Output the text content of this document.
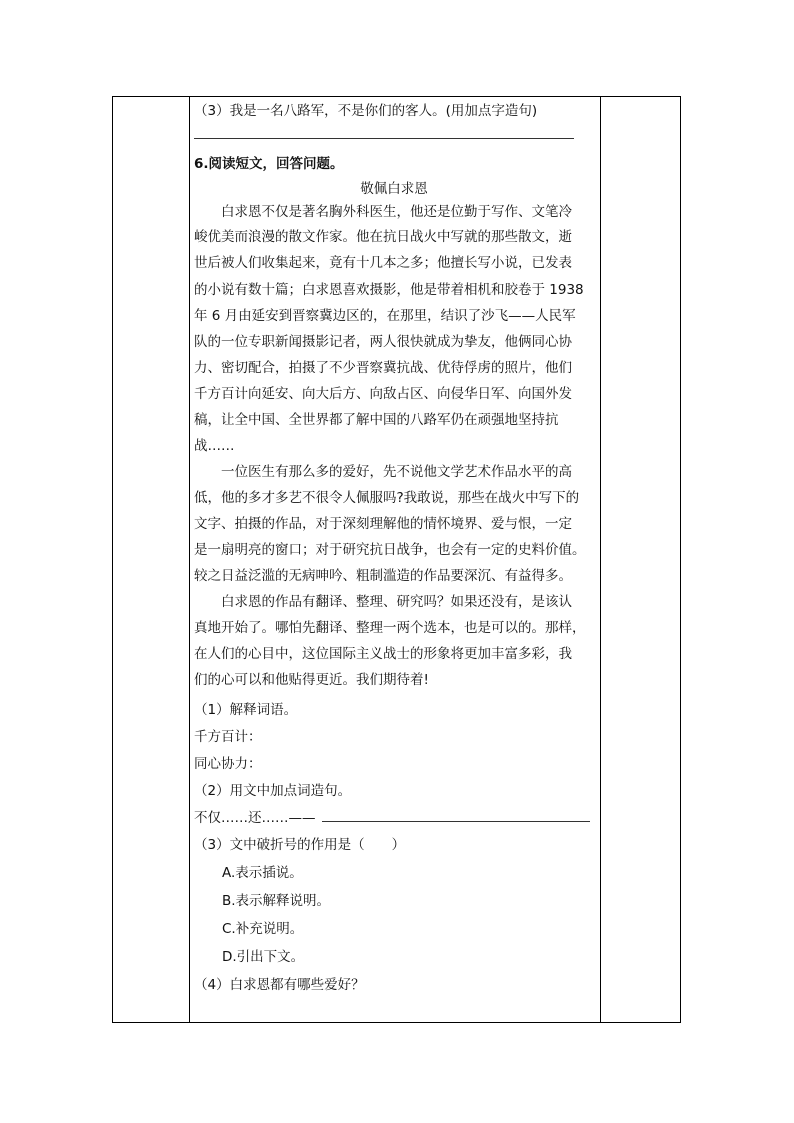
（3）我是一名八路军，不是你们的客人。(用加点字造句)
6.阅读短文，回答问题。
敬佩白求恩
白求恩不仅是著名胸外科医生，他还是位勤于写作、文笔冷
峻优美而浪漫的散文作家。他在抗日战火中写就的那些散文，逝
世后被人们收集起来，竟有十几本之多；他擅长写小说，已发表
的小说有数十篇；白求恩喜欢摄影，他是带着相机和胶卷于 1938
年 6 月由延安到晋察冀边区的，在那里，结识了沙飞——人民军
队的一位专职新闻摄影记者，两人很快就成为挚友，他俩同心协
力、密切配合，拍摄了不少晋察冀抗战、优待俘虏的照片，他们
千方百计向延安、向大后方、向敌占区、向侵华日军、向国外发
稿，让全中国、全世界都了解中国的八路军仍在顽强地坚持抗
战……
一位医生有那么多的爱好，先不说他文学艺术作品水平的高
低，他的多才多艺不很令人佩服吗?我敢说，那些在战火中写下的
文字、拍摄的作品，对于深刻理解他的情怀境界、爱与恨，一定
是一扇明亮的窗口；对于研究抗日战争，也会有一定的史料价值。
较之日益泛滥的无病呻吟、粗制滥造的作品要深沉、有益得多。
白求恩的作品有翻译、整理、研究吗？如果还没有，是该认
真地开始了。哪怕先翻译、整理一两个选本，也是可以的。那样，
在人们的心目中，这位国际主义战士的形象将更加丰富多彩，我
们的心可以和他贴得更近。我们期待着!
（1）解释词语。
千方百计：
同心协力：
（2）用文中加点词造句。
不仅……还……——
（3）文中破折号的作用是（　　）
A.表示插说。
B.表示解释说明。
C.补充说明。
D.引出下文。
（4）白求恩都有哪些爱好？
